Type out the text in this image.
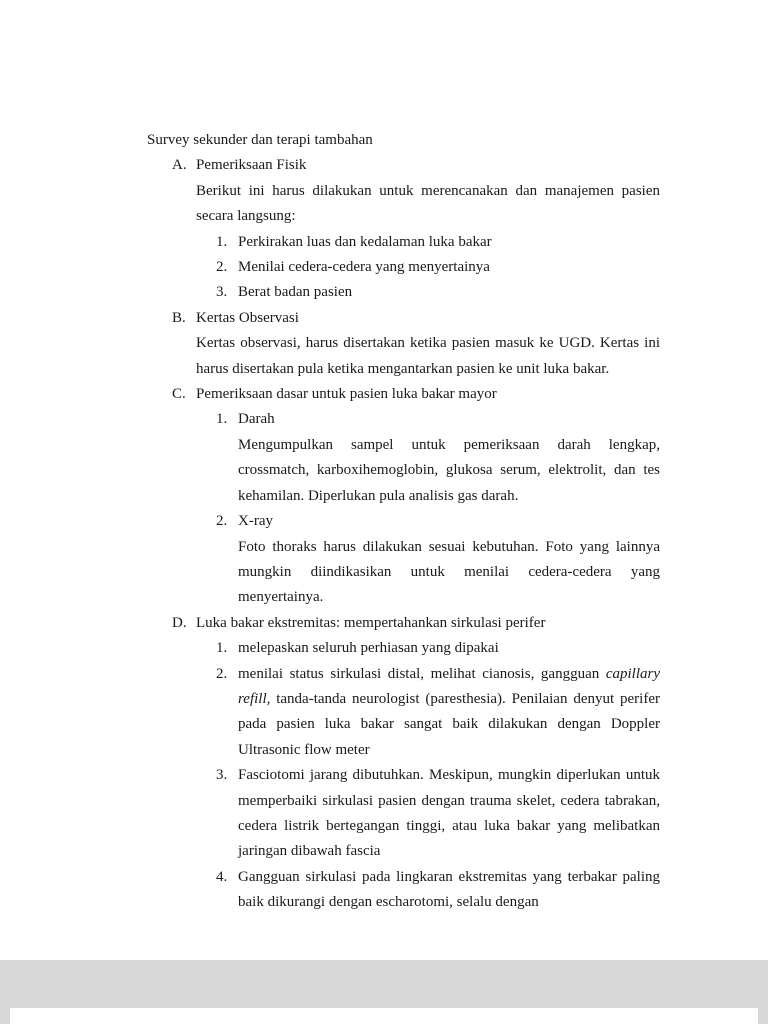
Survey sekunder dan terapi tambahan
A. Pemeriksaan Fisik
Berikut ini harus dilakukan untuk merencanakan dan manajemen pasien secara langsung:
1. Perkirakan luas dan kedalaman luka bakar
2. Menilai cedera-cedera yang menyertainya
3. Berat badan pasien
B. Kertas Observasi
Kertas observasi, harus disertakan ketika pasien masuk ke UGD. Kertas ini harus disertakan pula ketika mengantarkan pasien ke unit luka bakar.
C. Pemeriksaan dasar untuk pasien luka bakar mayor
1. Darah
Mengumpulkan sampel untuk pemeriksaan darah lengkap, crossmatch, karboxihemoglobin, glukosa serum, elektrolit, dan tes kehamilan. Diperlukan pula analisis gas darah.
2. X-ray
Foto thoraks harus dilakukan sesuai kebutuhan. Foto yang lainnya mungkin diindikasikan untuk menilai cedera-cedera yang menyertainya.
D. Luka bakar ekstremitas: mempertahankan sirkulasi perifer
1. melepaskan seluruh perhiasan yang dipakai
2. menilai status sirkulasi distal, melihat cianosis, gangguan capillary refill, tanda-tanda neurologist (paresthesia). Penilaian denyut perifer pada pasien luka bakar sangat baik dilakukan dengan Doppler Ultrasonic flow meter
3. Fasciotomi jarang dibutuhkan. Meskipun, mungkin diperlukan untuk memperbaiki sirkulasi pasien dengan trauma skelet, cedera tabrakan, cedera listrik bertegangan tinggi, atau luka bakar yang melibatkan jaringan dibawah fascia
4. Gangguan sirkulasi pada lingkaran ekstremitas yang terbakar paling baik dikurangi dengan escharotomi, selalu dengan
